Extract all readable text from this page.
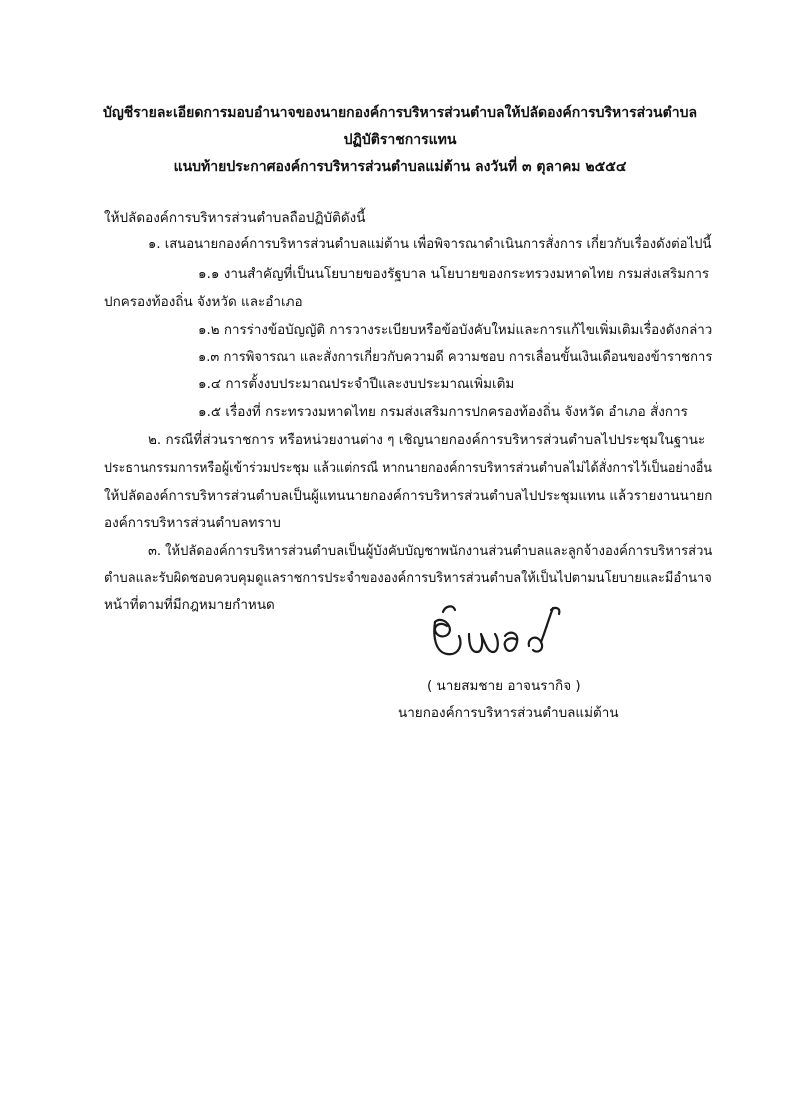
บัญชีรายละเอียดการมอบอำนาจของนายกองค์การบริหารส่วนตำบลให้ปลัดองค์การบริหารส่วนตำบล
ปฏิบัติราชการแทน
แนบท้ายประกาศองค์การบริหารส่วนตำบลแม่ต้าน ลงวันที่ ๓ ตุลาคม ๒๕๕๔
ให้ปลัดองค์การบริหารส่วนตำบลถือปฏิบัติดังนี้
๑. เสนอนายกองค์การบริหารส่วนตำบลแม่ต้าน เพื่อพิจารณาดำเนินการสั่งการ เกี่ยวกับเรื่องดังต่อไปนี้
๑.๑ งานสำคัญที่เป็นนโยบายของรัฐบาล นโยบายของกระทรวงมหาดไทย กรมส่งเสริมการ
ปกครองท้องถิ่น จังหวัด และอำเภอ
๑.๒ การร่างข้อบัญญัติ การวางระเบียบหรือข้อบังคับใหม่และการแก้ไขเพิ่มเติมเรื่องดังกล่าว
๑.๓ การพิจารณา และสั่งการเกี่ยวกับความดี ความชอบ การเลื่อนขั้นเงินเดือนของข้าราชการ
๑.๔ การตั้งงบประมาณประจำปีและงบประมาณเพิ่มเติม
๑.๕ เรื่องที่ กระทรวงมหาดไทย กรมส่งเสริมการปกครองท้องถิ่น จังหวัด อำเภอ สั่งการ
๒. กรณีที่ส่วนราชการ หรือหน่วยงานต่าง ๆ เชิญนายกองค์การบริหารส่วนตำบลไปประชุมในฐานะ
ประธานกรรมการหรือผู้เข้าร่วมประชุม แล้วแต่กรณี หากนายกองค์การบริหารส่วนตำบลไม่ได้สั่งการไว้เป็นอย่างอื่น
ให้ปลัดองค์การบริหารส่วนตำบลเป็นผู้แทนนายกองค์การบริหารส่วนตำบลไปประชุมแทน แล้วรายงานนายก
องค์การบริหารส่วนตำบลทราบ
๓. ให้ปลัดองค์การบริหารส่วนตำบลเป็นผู้บังคับบัญชาพนักงานส่วนตำบลและลูกจ้างองค์การบริหารส่วน
ตำบลและรับผิดชอบควบคุมดูแลราชการประจำขององค์การบริหารส่วนตำบลให้เป็นไปตามนโยบายและมีอำนาจ
หน้าที่ตามที่มีกฎหมายกำหนด
( นายสมชาย อาจนรากิจ )
นายกองค์การบริหารส่วนตำบลแม่ต้าน
